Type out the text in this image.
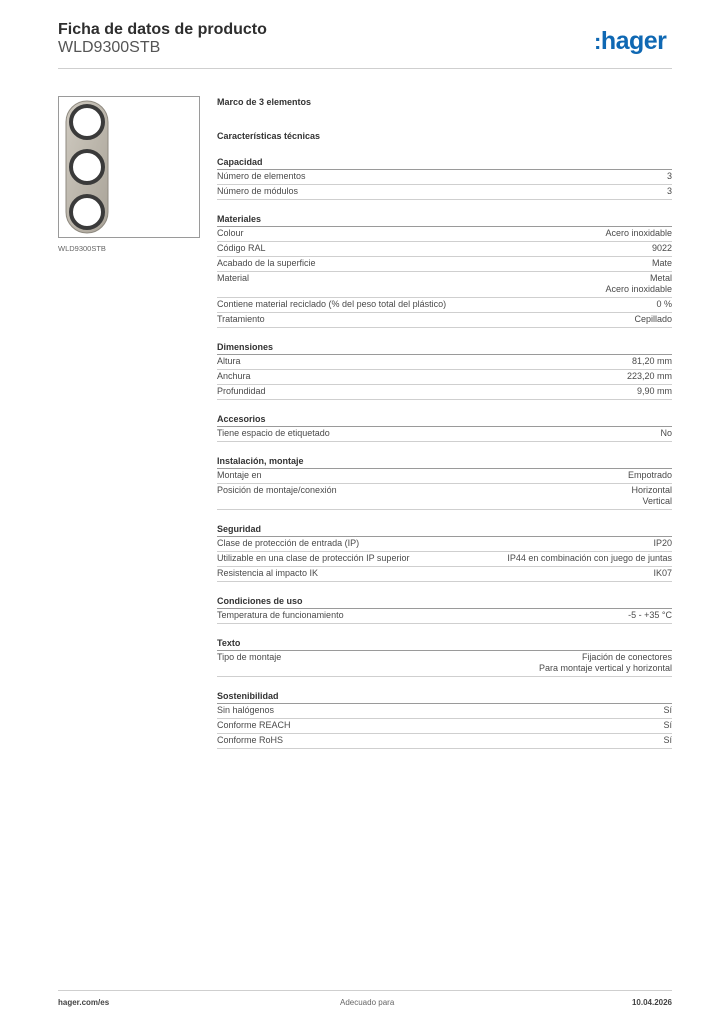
Ficha de datos de producto
WLD9300STB	:hager
WLD9300STB
Marco de 3 elementos
Características técnicas
Capacidad
Número de elementos	3
Número de módulos	3
Materiales
Colour	Acero inoxidable
Código RAL	9022
Acabado de la superficie	Mate
Material	Metal
Acero inoxidable
Contiene material reciclado (% del peso total del plástico)	0 %
Tratamiento	Cepillado
Dimensiones
Altura	81,20 mm
Anchura	223,20 mm
Profundidad	9,90 mm
Accesorios
Tiene espacio de etiquetado	No
Instalación, montaje
Montaje en	Empotrado
Posición de montaje/conexión	Horizontal
Vertical
Seguridad
Clase de protección de entrada (IP)	IP20
Utilizable en una clase de protección IP superior	IP44 en combinación con juego de juntas
Resistencia al impacto IK	IK07
Condiciones de uso
Temperatura de funcionamiento	-5 - +35 °C
Texto
Tipo de montaje	Fijación de conectores
Para montaje vertical y horizontal
Sostenibilidad
Sin halógenos	Sí
Conforme REACH	Sí
Conforme RoHS	Sí
hager.com/es	Adecuado para	10.04.2026
